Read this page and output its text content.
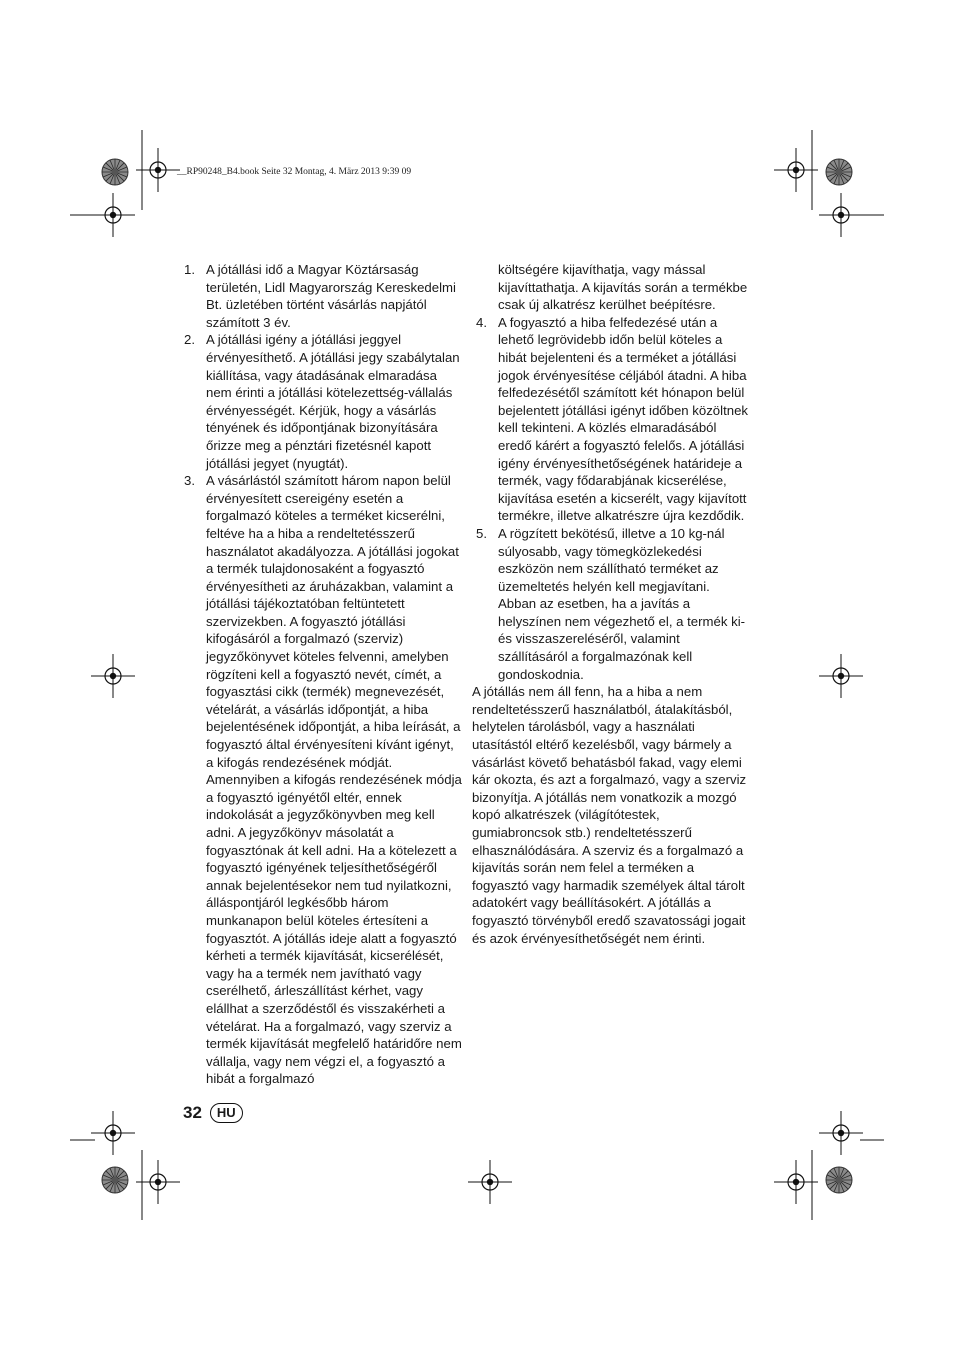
__RP90248_B4.book Seite 32 Montag, 4. März 2013 9:39 09
1. A jótállási idő a Magyar Köztársaság területén, Lidl Magyarország Kereskedelmi Bt. üzletében történt vásárlás napjától számított 3 év.
2. A jótállási igény a jótállási jeggyel érvényesíthető. A jótállási jegy szabálytalan kiállítása, vagy átadásának elmaradása nem érinti a jótállási kötelezettség-vállalás érvényességét. Kérjük, hogy a vásárlás tényének és időpontjának bizonyítására őrizze meg a pénztári fizetésnél kapott jótállási jegyet (nyugtát).
3. A vásárlástól számított három napon belül érvényesített csereigény esetén a forgalmazó köteles a terméket kicserélni, feltéve ha a hiba a rendeltetésszerű használatot akadályozza. A jótállási jogokat a termék tulajdonosaként a fogyasztó érvényesítheti az áruházakban, valamint a jótállási tájékoztatóban feltüntetett szervizekben. A fogyasztó jótállási kifogásáról a forgalmazó (szerviz) jegyzőkönyvet köteles felvenni, amelyben rögzíteni kell a fogyasztó nevét, címét, a fogyasztási cikk (termék) megnevezését, vételárát, a vásárlás időpontját, a hiba bejelentésének időpontját, a hiba leírását, a fogyasztó által érvényesíteni kívánt igényt, a kifogás rendezésének módját. Amennyiben a kifogás rendezésének módja a fogyasztó igényétől eltér, ennek indokolását a jegyzőkönyvben meg kell adni. A jegyzőkönyv másolatát a fogyasztónak át kell adni. Ha a kötelezett a fogyasztó igényének teljesíthetőségéről annak bejelentésekor nem tud nyilatkozni, álláspontjáról legkésőbb három munkanapon belül köteles értesíteni a fogyasztót. A jótállás ideje alatt a fogyasztó kérheti a termék kijavítását, kicserélését, vagy ha a termék nem javítható vagy cserélhető, árleszállítást kérhet, vagy elállhat a szerződéstől és visszakérheti a vételárat. Ha a forgalmazó, vagy szerviz a termék kijavítását megfelelő határidőre nem vállalja, vagy nem végzi el, a fogyasztó a hibát a forgalmazó
költségére kijavíthatja, vagy mással kijavíttathatja. A kijavítás során a termékbe csak új alkatrész kerülhet beépítésre.
4. A fogyasztó a hiba felfedezésé után a lehető legrövidebb időn belül köteles a hibát bejelenteni és a terméket a jótállási jogok érvényesítése céljából átadni. A hiba felfedezésétől számított két hónapon belül bejelentett jótállási igényt időben közöltnek kell tekinteni. A közlés elmaradásából eredő kárért a fogyasztó felelős. A jótállási igény érvényesíthetőségének határideje a termék, vagy fődarabjának kicserélése, kijavítása esetén a kicserélt, vagy kijavított termékre, illetve alkatrészre újra kezdődik.
5. A rögzített bekötésű, illetve a 10 kg-nál súlyosabb, vagy tömegközlekedési eszközön nem szállítható terméket az üzemeltetés helyén kell megjavítani. Abban az esetben, ha a javítás a helyszínen nem végezhető el, a termék ki- és visszaszereléséről, valamint szállításáról a forgalmazónak kell gondoskodnia.

A jótállás nem áll fenn, ha a hiba a nem rendeltetésszerű használatból, átalakításból, helytelen tárolásból, vagy a használati utasítástól eltérő kezelésből, vagy bármely a vásárlást követő behatásból fakad, vagy elemi kár okozta, és azt a forgalmazó, vagy a szerviz bizonyítja. A jótállás nem vonatkozik a mozgó kopó alkatrészek (világítótestek, gumiabroncsok stb.) rendeltetésszerű elhasználódására. A szerviz és a forgalmazó a kijavítás során nem felel a terméken a fogyasztó vagy harmadik személyek által tárolt adatokért vagy beállításokért. A jótállás a fogyasztó törvényből eredő szavatossági jogait és azok érvényesíthetőségét nem érinti.

32	HU
